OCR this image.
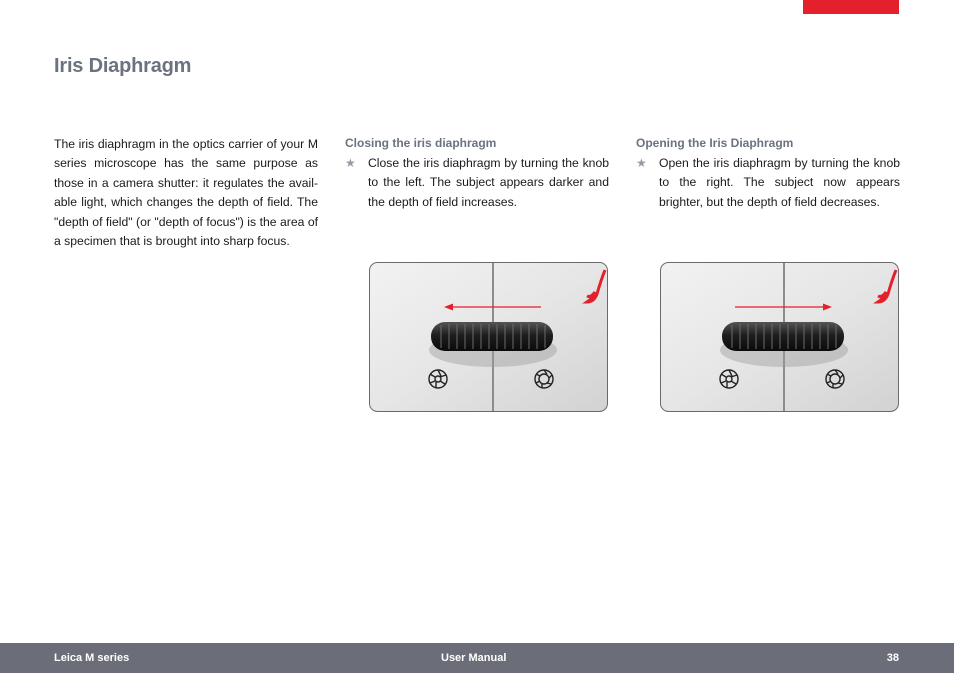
Iris Diaphragm
The iris diaphragm in the optics carrier of your M series microscope has the same purpose as those in a camera shutter: it regulates the available light, which changes the depth of field. The "depth of field" (or "depth of focus") is the area of a specimen that is brought into sharp focus.

Closing the iris diaphragm

★	Close the iris diaphragm by turning the knob to the left. The subject appears darker and the depth of field increases.

Opening the Iris Diaphragm

★	Open the iris diaphragm by turning the knob to the right. The subject now appears brighter, but the depth of field decreases.
Leica M series	User Manual	38
